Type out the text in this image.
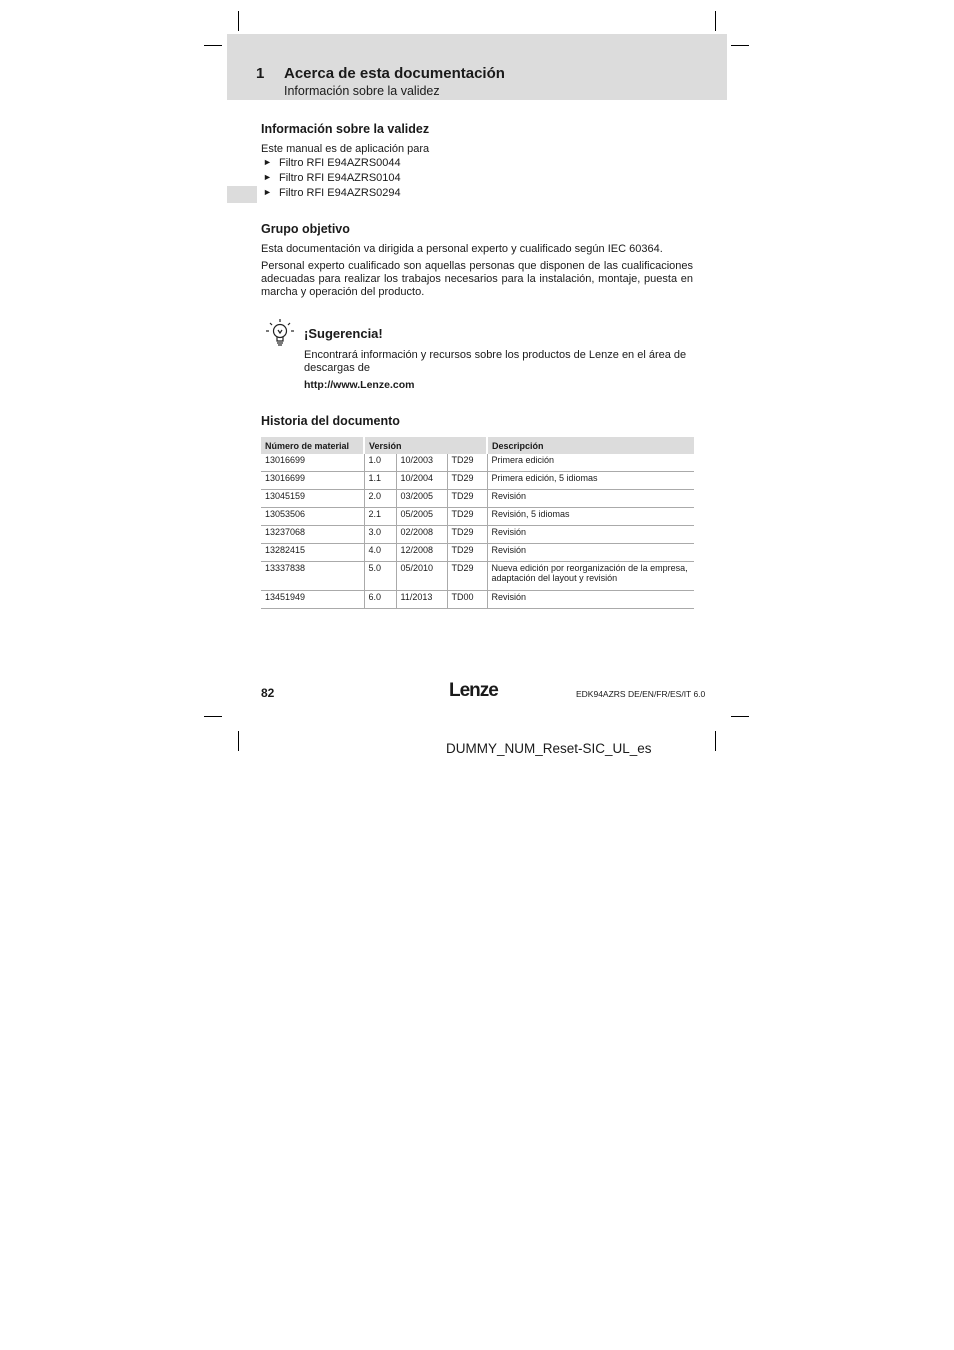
1 Acerca de esta documentación
Información sobre la validez
Información sobre la validez
Este manual es de aplicación para
► Filtro RFI E94AZRS0044
► Filtro RFI E94AZRS0104
► Filtro RFI E94AZRS0294
Grupo objetivo
Esta documentación va dirigida a personal experto y cualificado según IEC 60364.
Personal experto cualificado son aquellas personas que disponen de las cualificaciones adecuadas para realizar los trabajos necesarios para la instalación, montaje, puesta en marcha y operación del producto.
¡Sugerencia!
Encontrará información y recursos sobre los productos de Lenze en el área de descargas de
http://www.Lenze.com
Historia del documento
Número de material	Versión			Descripción
13016699	1.0	10/2003	TD29	Primera edición
13016699	1.1	10/2004	TD29	Primera edición, 5 idiomas
13045159	2.0	03/2005	TD29	Revisión
13053506	2.1	05/2005	TD29	Revisión, 5 idiomas
13237068	3.0	02/2008	TD29	Revisión
13282415	4.0	12/2008	TD29	Revisión
13337838	5.0	05/2010	TD29	Nueva edición por reorganización de la empresa, adaptación del layout y revisión
13451949	6.0	11/2013	TD00	Revisión
82	Lenze	EDK94AZRS DE/EN/FR/ES/IT 6.0
DUMMY_NUM_Reset-SIC_UL_es
